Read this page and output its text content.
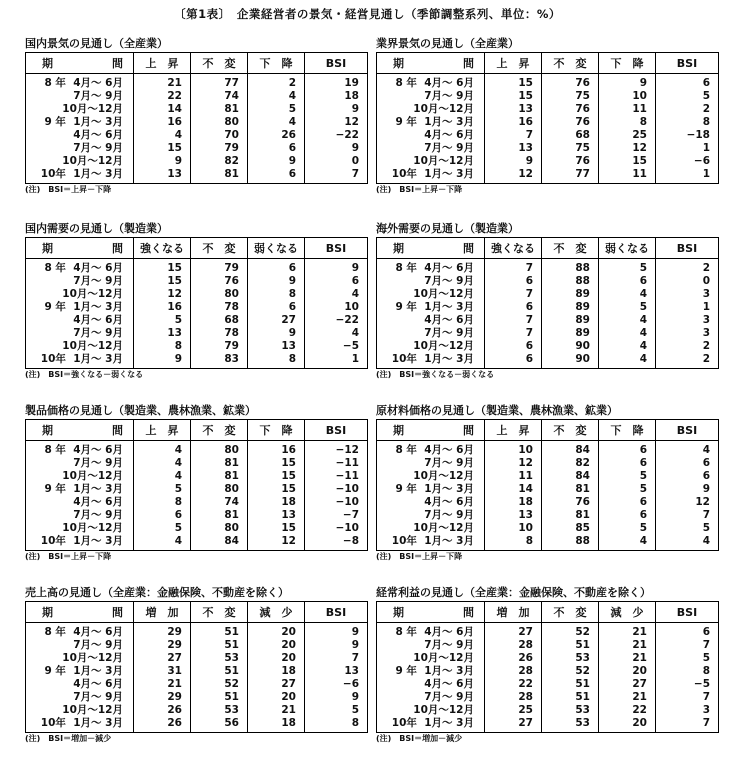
〔第1表〕　企業経営者の景気・経営見通し（季節調整系列、単位：%）
国内景気の見通し（全産業）
期 間	上　昇	不　変	下　降	BSI
8 年  4月～ 6月	21	77	2	19
7月～ 9月	22	74	4	18
10月～12月	14	81	5	9
9 年  1月～ 3月	16	80	4	12
4月～ 6月	4	70	26	−22
7月～ 9月	15	79	6	9
10月～12月	9	82	9	0
10年  1月～ 3月	13	81	6	7
(注)　BSI＝上昇－下降
業界景気の見通し（全産業）
期 間	上　昇	不　変	下　降	BSI
8 年  4月～ 6月	15	76	9	6
7月～ 9月	15	75	10	5
10月～12月	13	76	11	2
9 年  1月～ 3月	16	76	8	8
4月～ 6月	7	68	25	−18
7月～ 9月	13	75	12	1
10月～12月	9	76	15	−6
10年  1月～ 3月	12	77	11	1
(注)　BSI＝上昇－下降
国内需要の見通し（製造業）
期 間	強くなる	不　変	弱くなる	BSI
8 年  4月～ 6月	15	79	6	9
7月～ 9月	15	76	9	6
10月～12月	12	80	8	4
9 年  1月～ 3月	16	78	6	10
4月～ 6月	5	68	27	−22
7月～ 9月	13	78	9	4
10月～12月	8	79	13	−5
10年  1月～ 3月	9	83	8	1
(注)　BSI＝強くなる－弱くなる
海外需要の見通し（製造業）
期 間	強くなる	不　変	弱くなる	BSI
8 年  4月～ 6月	7	88	5	2
7月～ 9月	6	88	6	0
10月～12月	7	89	4	3
9 年  1月～ 3月	6	89	5	1
4月～ 6月	7	89	4	3
7月～ 9月	7	89	4	3
10月～12月	6	90	4	2
10年  1月～ 3月	6	90	4	2
(注)　BSI＝強くなる－弱くなる
製品価格の見通し（製造業、農林漁業、鉱業）
期 間	上　昇	不　変	下　降	BSI
8 年  4月～ 6月	4	80	16	−12
7月～ 9月	4	81	15	−11
10月～12月	4	81	15	−11
9 年  1月～ 3月	5	80	15	−10
4月～ 6月	8	74	18	−10
7月～ 9月	6	81	13	−7
10月～12月	5	80	15	−10
10年  1月～ 3月	4	84	12	−8
(注)　BSI＝上昇－下降
原材料価格の見通し（製造業、農林漁業、鉱業）
期 間	上　昇	不　変	下　降	BSI
8 年  4月～ 6月	10	84	6	4
7月～ 9月	12	82	6	6
10月～12月	11	84	5	6
9 年  1月～ 3月	14	81	5	9
4月～ 6月	18	76	6	12
7月～ 9月	13	81	6	7
10月～12月	10	85	5	5
10年  1月～ 3月	8	88	4	4
(注)　BSI＝上昇－下降
売上高の見通し（全産業：金融保険、不動産を除く）
期 間	増　加	不　変	減　少	BSI
8 年  4月～ 6月	29	51	20	9
7月～ 9月	29	51	20	9
10月～12月	27	53	20	7
9 年  1月～ 3月	31	51	18	13
4月～ 6月	21	52	27	−6
7月～ 9月	29	51	20	9
10月～12月	26	53	21	5
10年  1月～ 3月	26	56	18	8
(注)　BSI＝増加－減少
経常利益の見通し（全産業：金融保険、不動産を除く）
期 間	増　加	不　変	減　少	BSI
8 年  4月～ 6月	27	52	21	6
7月～ 9月	28	51	21	7
10月～12月	26	53	21	5
9 年  1月～ 3月	28	52	20	8
4月～ 6月	22	51	27	−5
7月～ 9月	28	51	21	7
10月～12月	25	53	22	3
10年  1月～ 3月	27	53	20	7
(注)　BSI＝増加－減少
